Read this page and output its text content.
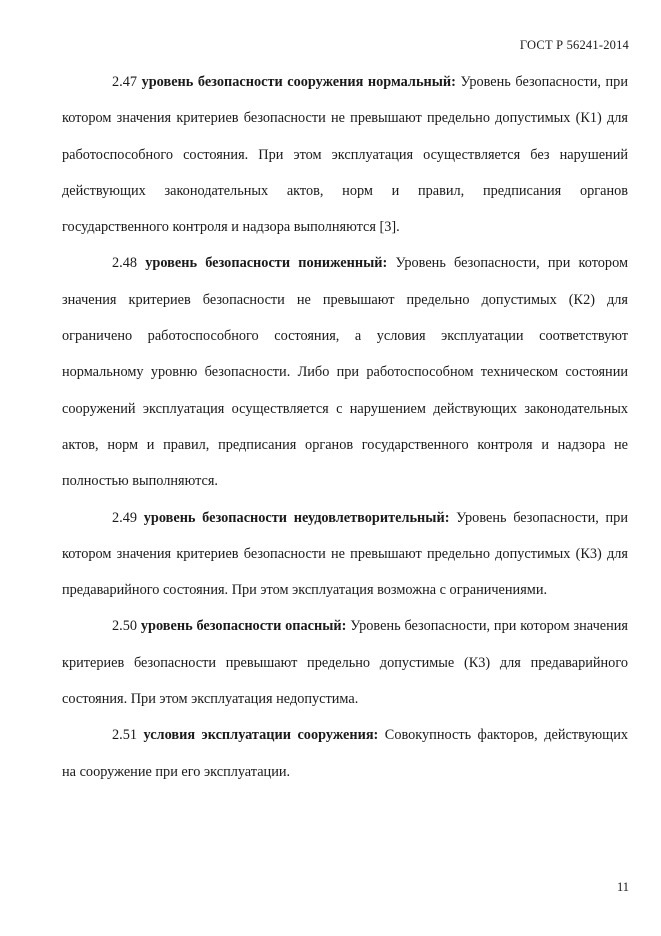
ГОСТ Р 56241-2014

2.47 уровень безопасности сооружения нормальный: Уровень безопасности, при котором значения критериев безопасности не превышают предельно допустимых (К1) для работоспособного состояния. При этом эксплуатация осуществляется без нарушений действующих законодательных актов, норм и правил, предписания органов государственного контроля и надзора выполняются [3].

2.48 уровень безопасности пониженный: Уровень безопасности, при котором значения критериев безопасности не превышают предельно допустимых (К2) для ограничено работоспособного состояния, а условия эксплуатации соответствуют нормальному уровню безопасности. Либо при работоспособном техническом состоянии сооружений эксплуатация осуществляется с нарушением действующих законодательных актов, норм и правил, предписания органов государственного контроля и надзора не полностью выполняются.

2.49 уровень безопасности неудовлетворительный: Уровень безопасности, при котором значения критериев безопасности не превышают предельно допустимых (К3) для предаварийного состояния. При этом эксплуатация возможна с ограничениями.

2.50 уровень безопасности опасный: Уровень безопасности, при котором значения критериев безопасности превышают предельно допустимые (К3) для предаварийного состояния. При этом эксплуатация недопустима.

2.51 условия эксплуатации сооружения: Совокупность факторов, действующих на сооружение при его эксплуатации.

11
